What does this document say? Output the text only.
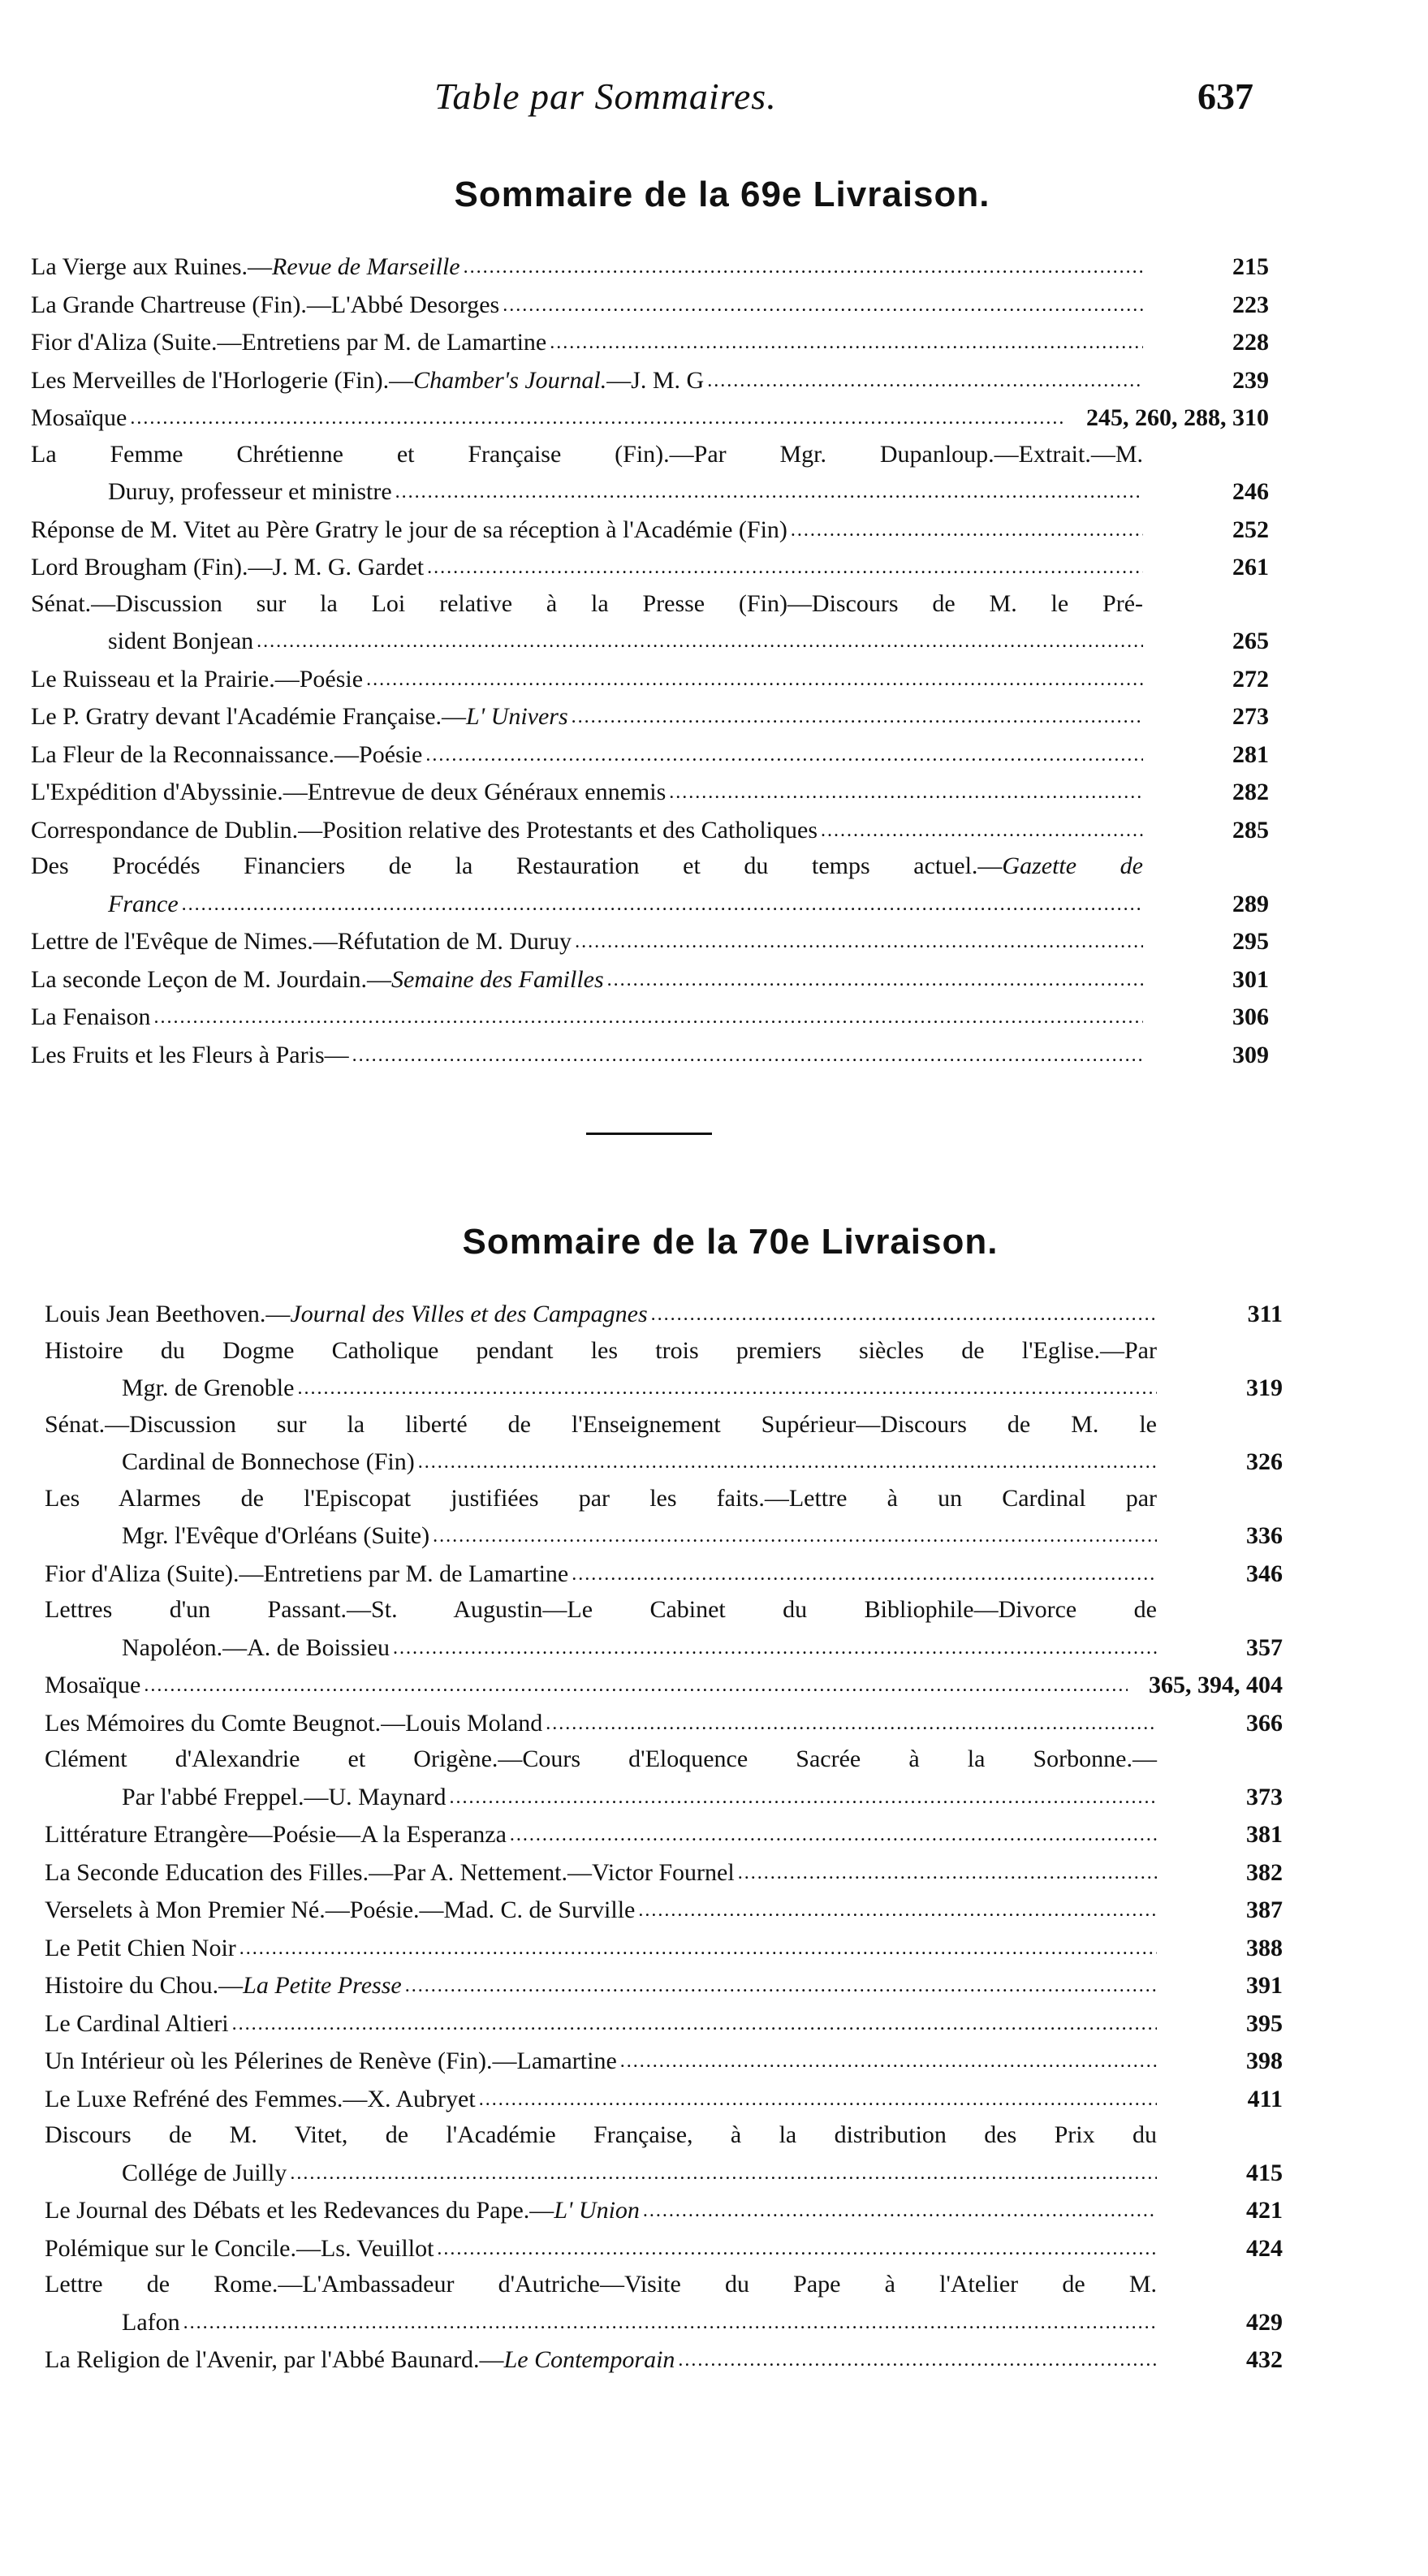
Table par Sommaires.	637
Sommaire de la 69e Livraison.
La Vierge aux Ruines.—Revue de Marseille . . .	215
La Grande Chartreuse (Fin).—L'Abbé Desorges . . .	223
Fior d'Aliza (Suite.—Entretiens par M. de Lamartine . . .	228
Les Merveilles de l'Horlogerie (Fin).—Chamber's Journal.—J. M. G . . .	239
Mosaïque . . .	245, 260, 288, 310
La Femme Chrétienne et Française (Fin).—Par Mgr. Dupanloup.—Extrait.—M.
Duruy, professeur et ministre . . .	246
Réponse de M. Vitet au Père Gratry le jour de sa réception à l'Académie (Fin) . . .	252
Lord Brougham (Fin).—J. M. G. Gardet . . .	261
Sénat.—Discussion sur la Loi relative à la Presse (Fin)—Discours de M. le Pré-
sident Bonjean . . .	265
Le Ruisseau et la Prairie.—Poésie . . .	272
Le P. Gratry devant l'Académie Française.—L' Univers . . .	273
La Fleur de la Reconnaissance.—Poésie . . .	281
L'Expédition d'Abyssinie.—Entrevue de deux Généraux ennemis . . .	282
Correspondance de Dublin.—Position relative des Protestants et des Catholiques . . .	285
Des Procédés Financiers de la Restauration et du temps actuel.—Gazette de
France . . .	289
Lettre de l'Evêque de Nimes.—Réfutation de M. Duruy . . .	295
La seconde Leçon de M. Jourdain.—Semaine des Familles . . .	301
La Fenaison . . .	306
Les Fruits et les Fleurs à Paris— . . .	309
Sommaire de la 70e Livraison.
Louis Jean Beethoven.—Journal des Villes et des Campagnes . . .	311
Histoire du Dogme Catholique pendant les trois premiers siècles de l'Eglise.—Par
Mgr. de Grenoble . . .	319
Sénat.—Discussion sur la liberté de l'Enseignement Supérieur—Discours de M. le
Cardinal de Bonnechose (Fin) . . .	326
Les Alarmes de l'Episcopat justifiées par les faits.—Lettre à un Cardinal par
Mgr. l'Evêque d'Orléans (Suite) . . .	336
Fior d'Aliza (Suite).—Entretiens par M. de Lamartine . . .	346
Lettres d'un Passant.—St. Augustin—Le Cabinet du Bibliophile—Divorce de
Napoléon.—A. de Boissieu . . .	357
Mosaïque . . .	365, 394, 404
Les Mémoires du Comte Beugnot.—Louis Moland . . .	366
Clément d'Alexandrie et Origène.—Cours d'Eloquence Sacrée à la Sorbonne.—
Par l'abbé Freppel.—U. Maynard . . .	373
Littérature Etrangère—Poésie—A la Esperanza . . .	381
La Seconde Education des Filles.—Par A. Nettement.—Victor Fournel . . .	382
Verselets à Mon Premier Né.—Poésie.—Mad. C. de Surville . . .	387
Le Petit Chien Noir . . .	388
Histoire du Chou.—La Petite Presse . . .	391
Le Cardinal Altieri . . .	395
Un Intérieur où les Pélerines de Renève (Fin).—Lamartine . . .	398
Le Luxe Refréné des Femmes.—X. Aubryet . . .	411
Discours de M. Vitet, de l'Académie Française, à la distribution des Prix du
Collége de Juilly . . .	415
Le Journal des Débats et les Redevances du Pape.—L' Union . . .	421
Polémique sur le Concile.—Ls. Veuillot . . .	424
Lettre de Rome.—L'Ambassadeur d'Autriche—Visite du Pape à l'Atelier de M.
Lafon . . .	429
La Religion de l'Avenir, par l'Abbé Baunard.—Le Contemporain . . .	432
